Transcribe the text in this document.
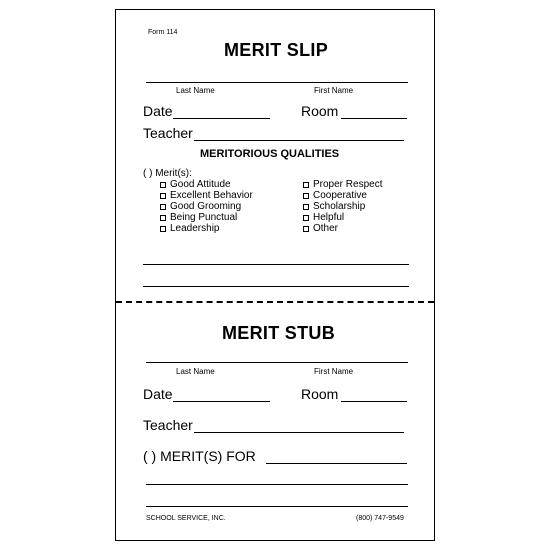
Form 114
MERIT SLIP
Last Name	First Name
Date	Room
Teacher
MERITORIOUS QUALITIES
( ) Merit(s):
Good Attitude
Excellent Behavior
Good Grooming
Being Punctual
Leadership
Proper Respect
Cooperative
Scholarship
Helpful
Other
MERIT STUB
Last Name	First Name
Date	Room
Teacher
( ) MERIT(S) FOR
SCHOOL SERVICE, INC.	(800) 747-9549
